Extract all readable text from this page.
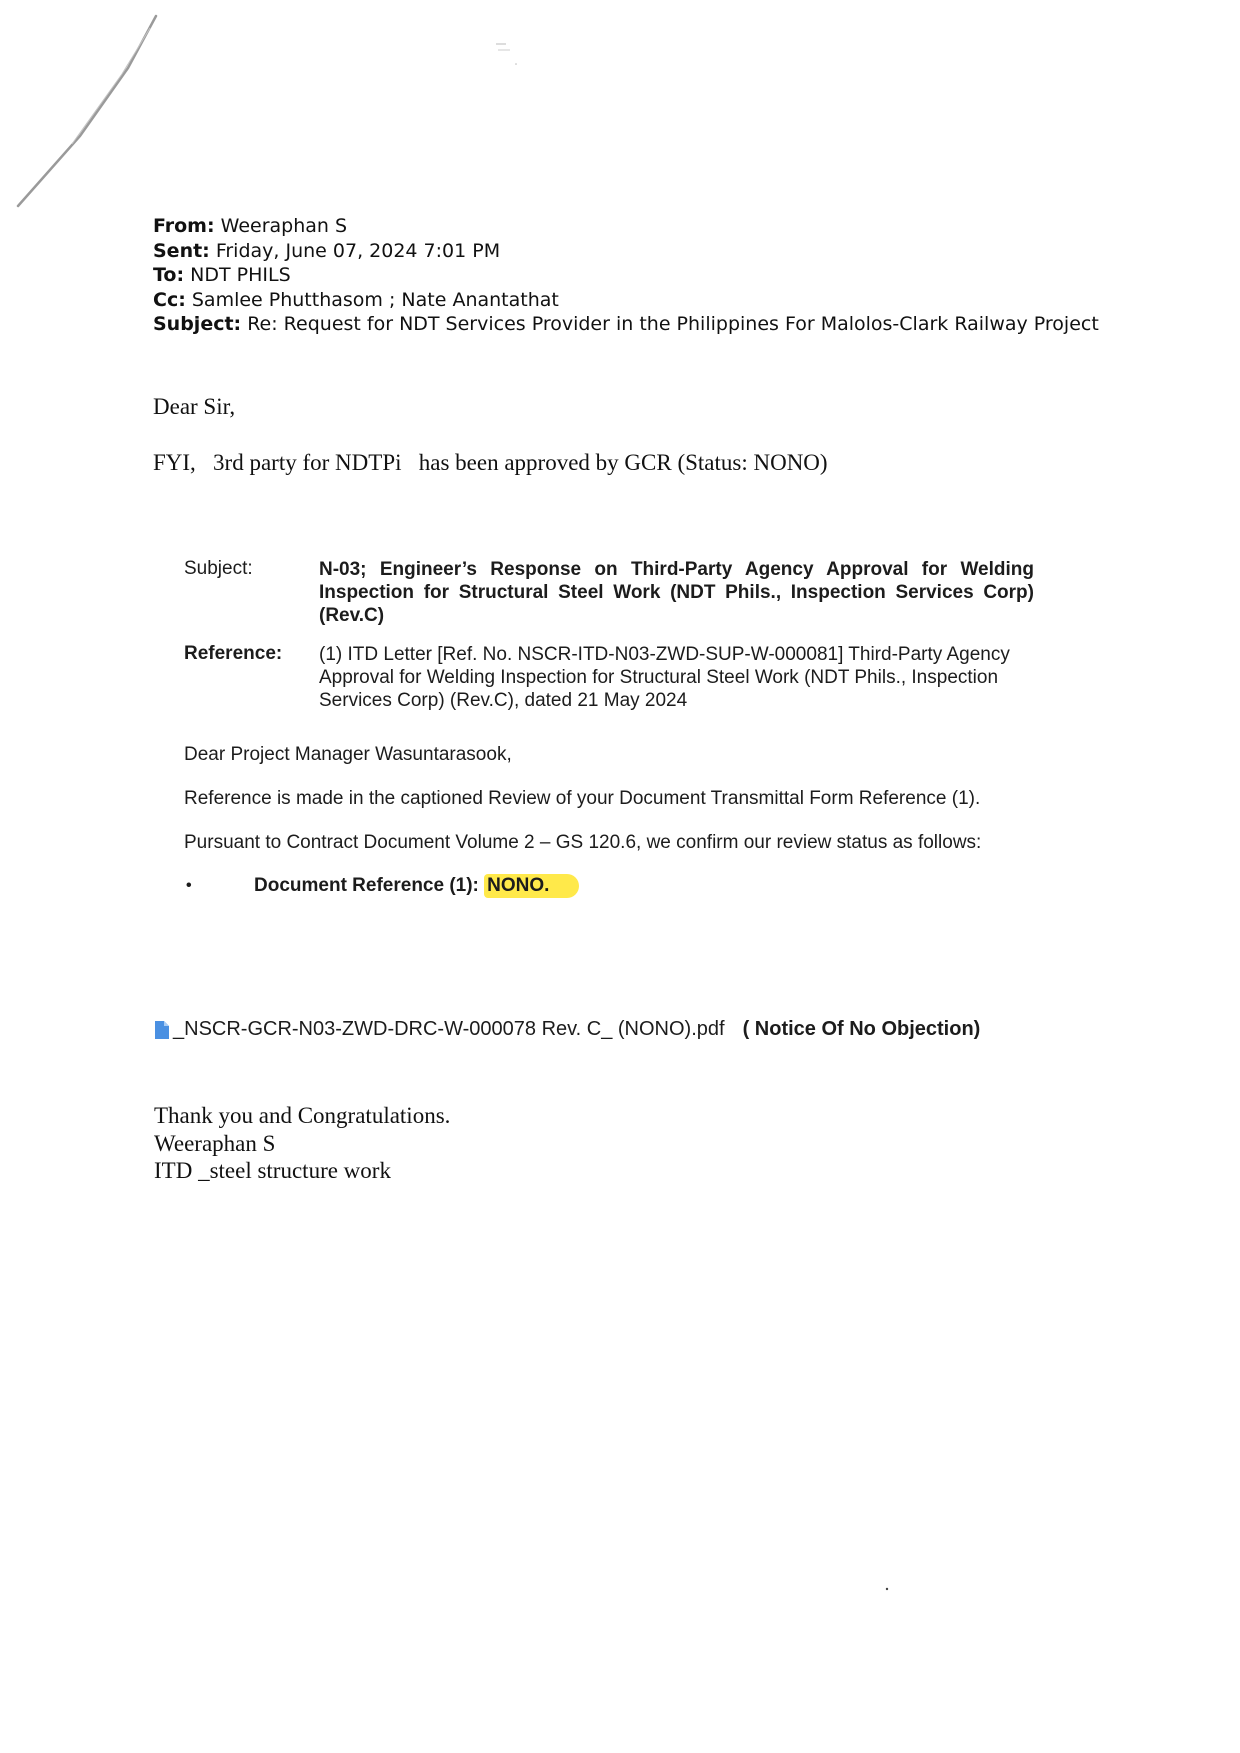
From: Weeraphan S
Sent: Friday, June 07, 2024 7:01 PM
To: NDT PHILS
Cc: Samlee Phutthasom ; Nate Anantathat
Subject: Re: Request for NDT Services Provider in the Philippines For Malolos-Clark Railway Project
Dear Sir,
FYI,   3rd party for NDTPi   has been approved by GCR (Status: NONO)
Subject:	N-03; Engineer’s Response on Third-Party Agency Approval for Welding Inspection for Structural Steel Work (NDT Phils., Inspection Services Corp) (Rev.C)
Reference:	(1) ITD Letter [Ref. No. NSCR-ITD-N03-ZWD-SUP-W-000081] Third-Party Agency Approval for Welding Inspection for Structural Steel Work (NDT Phils., Inspection Services Corp) (Rev.C), dated 21 May 2024

Dear Project Manager Wasuntarasook,

Reference is made in the captioned Review of your Document Transmittal Form Reference (1).

Pursuant to Contract Document Volume 2 – GS 120.6, we confirm our review status as follows:

•	Document Reference (1):
NONO.
_NSCR-GCR-N03-ZWD-DRC-W-000078 Rev. C_ (NONO).pdf ( Notice Of No Objection)
Thank you and Congratulations.
Weeraphan S
ITD _steel structure work
